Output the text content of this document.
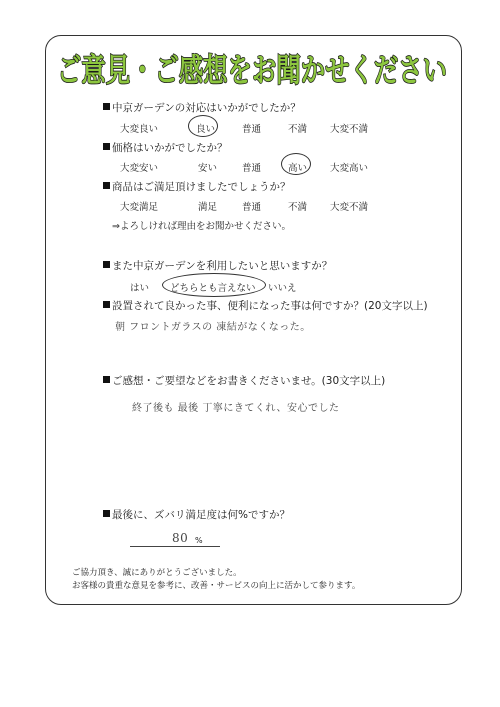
ご意見・ご感想をお聞かせください
中京ガーデンの対応はいかがでしたか？
大変良い	良い	普通	不満 大変不満
価格はいかがでしたか？
大変安い	安い	普通	高い 大変高い
商品はご満足頂けましたでしょうか？
大変満足	満足	普通	不満 大変不満
⇒よろしければ理由をお聞かせください。
また中京ガーデンを利用したいと思いますか？
はい どちらとも言えない いいえ
設置されて良かった事、便利になった事は何ですか？(20文字以上)
朝 フロントガラスの 凍結がなくなった。
ご感想・ご要望などをお書きくださいませ。(30文字以上)
終了後も 最後 丁寧にきてくれ、安心でした
最後に、ズバリ満足度は何%ですか？
80 %
ご協力頂き、誠にありがとうございました。
お客様の貴重な意見を参考に、改善・サービスの向上に活かして参ります。
